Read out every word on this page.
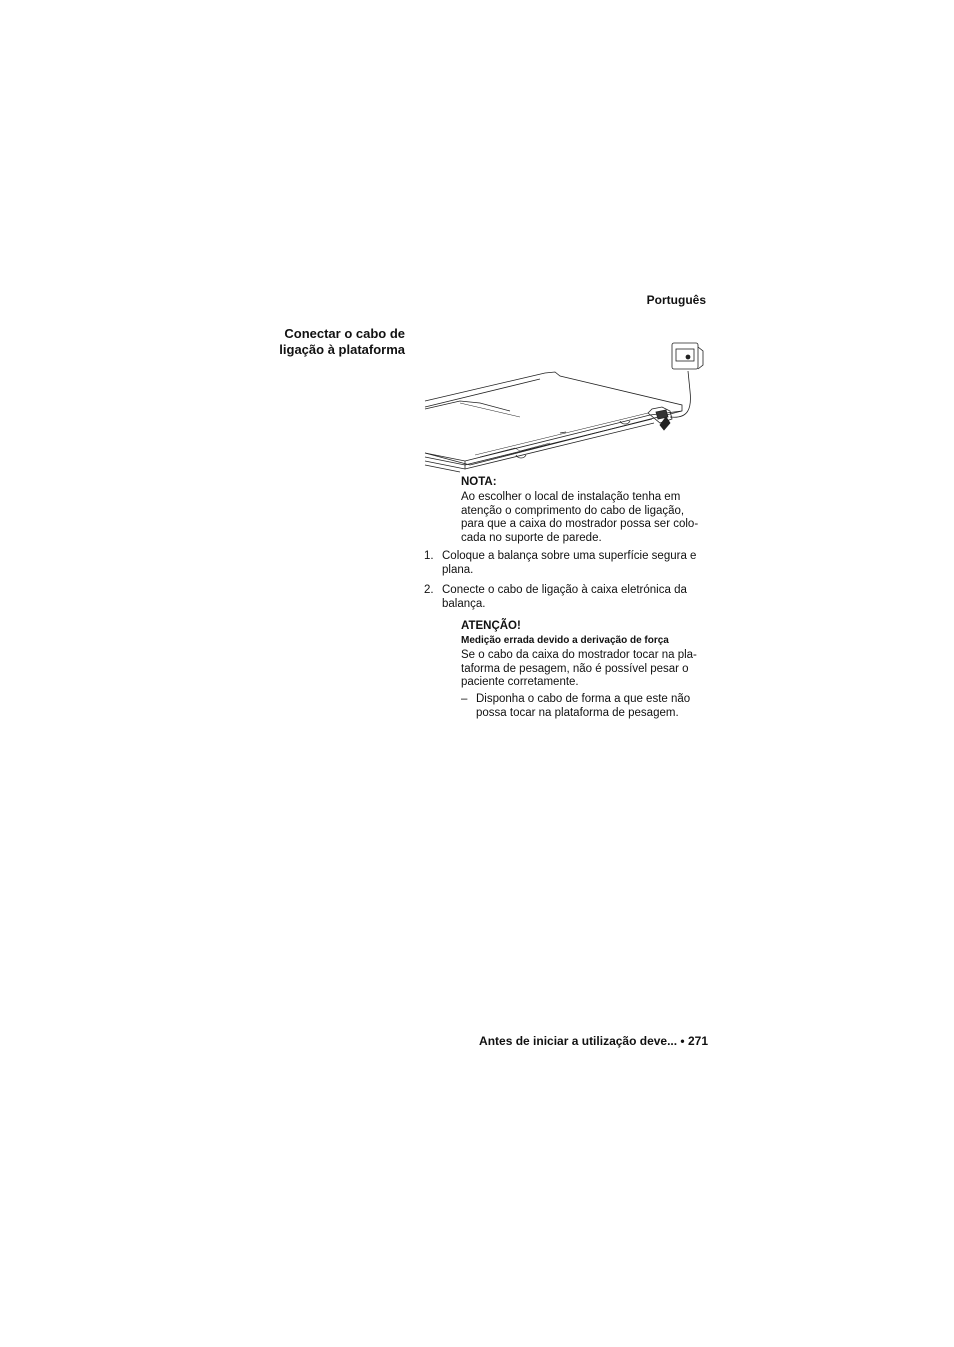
Português
Conectar o cabo de
ligação à plataforma
NOTA:
Ao escolher o local de instalação tenha em
atenção o comprimento do cabo de ligação,
para que a caixa do mostrador possa ser colo-
cada no suporte de parede.
1. Coloque a balança sobre uma superfície segura e
plana.
2. Conecte o cabo de ligação à caixa eletrónica da
balança.
ATENÇÃO!
Medição errada devido a derivação de força
Se o cabo da caixa do mostrador tocar na pla-
taforma de pesagem, não é possível pesar o
paciente corretamente.
– Disponha o cabo de forma a que este não
possa tocar na plataforma de pesagem.
Antes de iniciar a utilização deve... • 271
